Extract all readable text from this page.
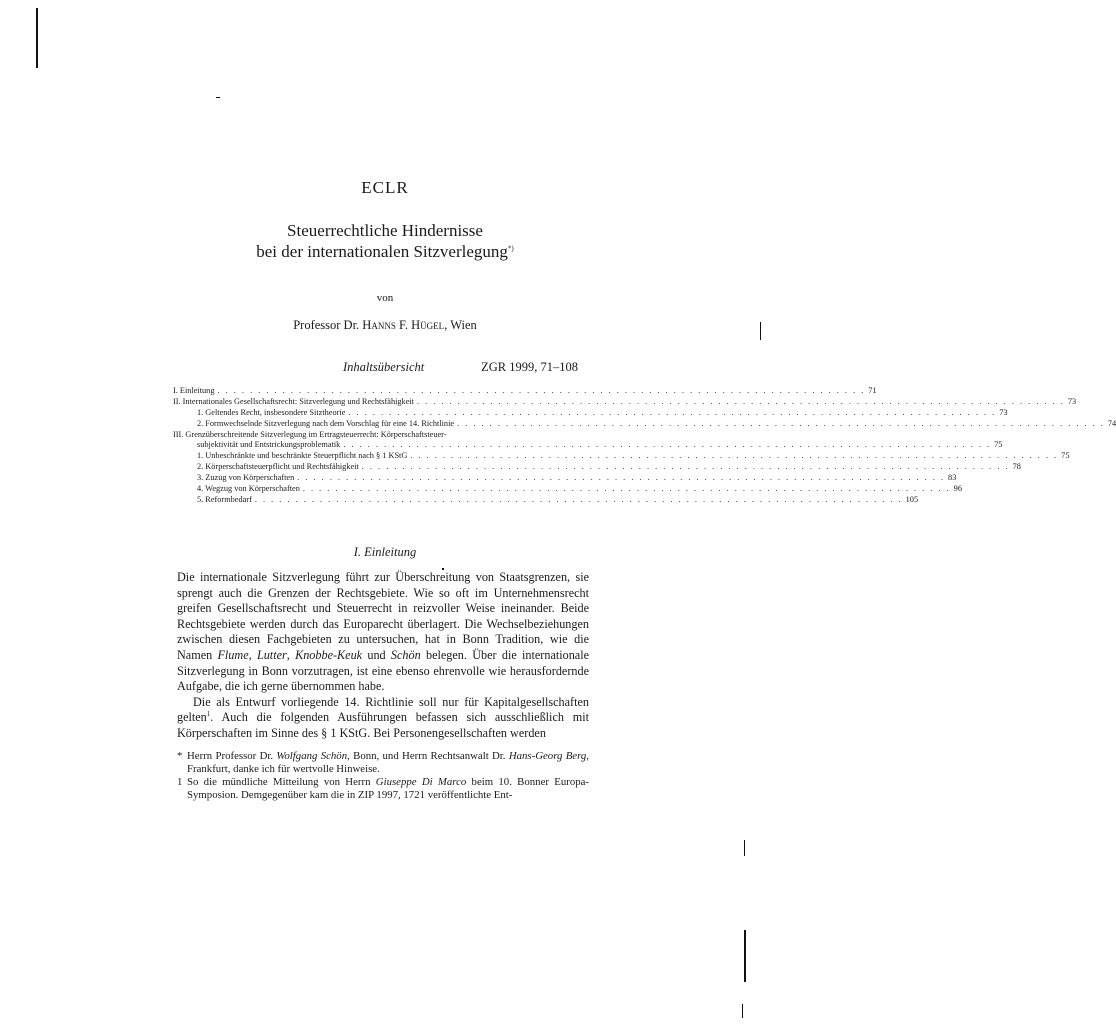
ECLR
Steuerrechtliche Hindernisse
bei der internationalen Sitzverlegung*)
von
Professor Dr. Hanns F. Hügel, Wien
Inhaltsübersicht	ZGR 1999, 71–108
I. Einleitung . . . . . . . . . . . . . . . . . . . . . . . . . . . . . . . . . . . . . . . . . . . . . . . . . . . . . . . . . . . . . . . . . . . . . . . . . . . . . . . . 71
II. Internationales Gesellschaftsrecht: Sitzverlegung und Rechtsfähigkeit . . . . . . . . . . . . . . . . . . . . . . . . . . . . . . . . . . . . . . . . . . . . . . . . . . . . . . . . . . . . . . . . . . . . . . . . . . . . . . . . 73
1. Geltendes Recht, insbesondere Sitztheorie . . . . . . . . . . . . . . . . . . . . . . . . . . . . . . . . . . . . . . . . . . . . . . . . . . . . . . . . . . . . . . . . . . . . . . . . . . . . . . . . 73
2. Formwechselnde Sitzverlegung nach dem Vorschlag für eine 14. Richtlinie . . . . . . . . . . . . . . . . . . . . . . . . . . . . . . . . . . . . . . . . . . . . . . . . . . . . . . . . . . . . . . . . . . . . . . . . . . . . . . . . 74
III. Grenzüberschreitende Sitzverlegung im Ertragsteuerrecht: Körperschaftsteuer-
subjektivität und Entstrickungsproblematik . . . . . . . . . . . . . . . . . . . . . . . . . . . . . . . . . . . . . . . . . . . . . . . . . . . . . . . . . . . . . . . . . . . . . . . . . . . . . . . . 75
1. Unbeschränkte und beschränkte Steuerpflicht nach § 1 KStG . . . . . . . . . . . . . . . . . . . . . . . . . . . . . . . . . . . . . . . . . . . . . . . . . . . . . . . . . . . . . . . . . . . . . . . . . . . . . . . . 75
2. Körperschaftsteuerpflicht und Rechtsfähigkeit . . . . . . . . . . . . . . . . . . . . . . . . . . . . . . . . . . . . . . . . . . . . . . . . . . . . . . . . . . . . . . . . . . . . . . . . . . . . . . . . 78
3. Zuzug von Körperschaften . . . . . . . . . . . . . . . . . . . . . . . . . . . . . . . . . . . . . . . . . . . . . . . . . . . . . . . . . . . . . . . . . . . . . . . . . . . . . . . . 83
4. Wegzug von Körperschaften . . . . . . . . . . . . . . . . . . . . . . . . . . . . . . . . . . . . . . . . . . . . . . . . . . . . . . . . . . . . . . . . . . . . . . . . . . . . . . . . 96
5. Reformbedarf . . . . . . . . . . . . . . . . . . . . . . . . . . . . . . . . . . . . . . . . . . . . . . . . . . . . . . . . . . . . . . . . . . . . . . . . . . . . . . . . 105
I. Einleitung

Die internationale Sitzverlegung führt zur Überschreitung von Staatsgrenzen, sie sprengt auch die Grenzen der Rechtsgebiete. Wie so oft im Unternehmensrecht greifen Gesellschaftsrecht und Steuerrecht in reizvoller Weise ineinander. Beide Rechtsgebiete werden durch das Europarecht überlagert. Die Wechselbeziehungen zwischen diesen Fachgebieten zu untersuchen, hat in Bonn Tradition, wie die Namen Flume, Lutter, Knobbe-Keuk und Schön belegen. Über die internationale Sitzverlegung in Bonn vorzutragen, ist eine ebenso ehrenvolle wie herausfordernde Aufgabe, die ich gerne übernommen habe.

Die als Entwurf vorliegende 14. Richtlinie soll nur für Kapitalgesellschaften gelten$^1$. Auch die folgenden Ausführungen befassen sich ausschließlich mit Körperschaften im Sinne des § 1 KStG. Bei Personengesellschaften werden

* Herrn Professor Dr. Wolfgang Schön, Bonn, und Herrn Rechtsanwalt Dr. Hans-Georg Berg, Frankfurt, danke ich für wertvolle Hinweise.
1 So die mündliche Mitteilung von Herrn Giuseppe Di Marco beim 10. Bonner Europa-Symposion. Demgegenüber kam die in ZIP 1997, 1721 veröffentlichte Ent-
